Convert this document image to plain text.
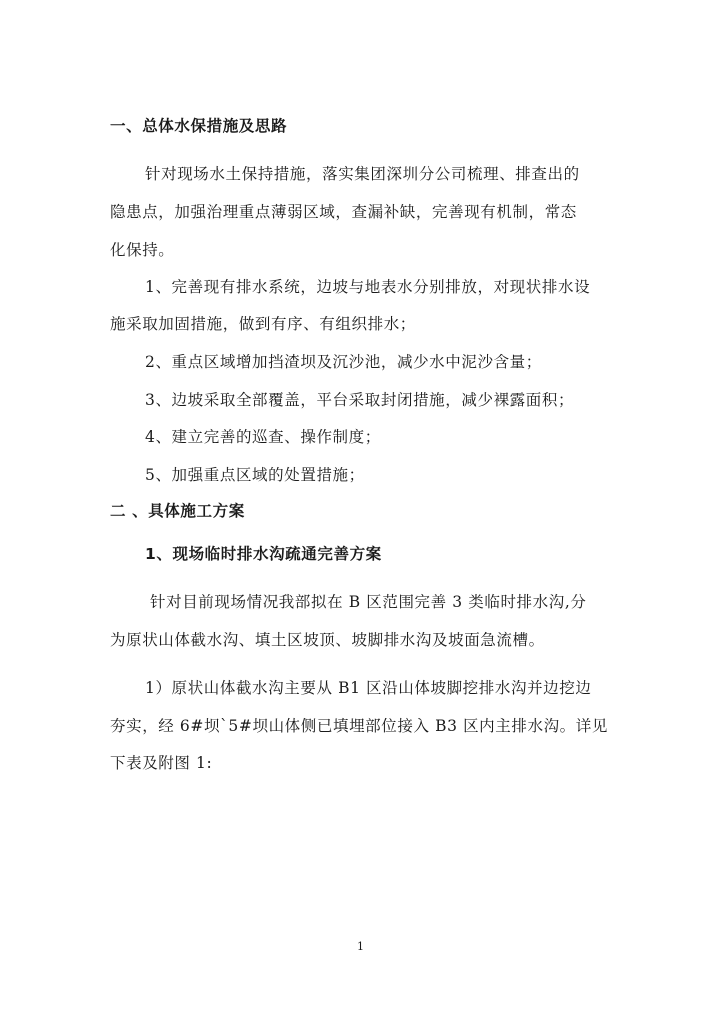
一、总体水保措施及思路
针对现场水土保持措施，落实集团深圳分公司梳理、排查出的
隐患点，加强治理重点薄弱区域，查漏补缺，完善现有机制，常态
化保持。
1、完善现有排水系统，边坡与地表水分别排放，对现状排水设
施采取加固措施，做到有序、有组织排水；
2、重点区域增加挡渣坝及沉沙池，减少水中泥沙含量；
3、边坡采取全部覆盖，平台采取封闭措施，减少裸露面积；
4、建立完善的巡查、操作制度；
5、加强重点区域的处置措施；
二 、具体施工方案
1、现场临时排水沟疏通完善方案
针对目前现场情况我部拟在 B 区范围完善 3 类临时排水沟,分
为原状山体截水沟、填土区坡顶、坡脚排水沟及坡面急流槽。
1）原状山体截水沟主要从 B1 区沿山体坡脚挖排水沟并边挖边
夯实，经 6#坝`5#坝山体侧已填埋部位接入 B3 区内主排水沟。详见
下表及附图 1:
1
